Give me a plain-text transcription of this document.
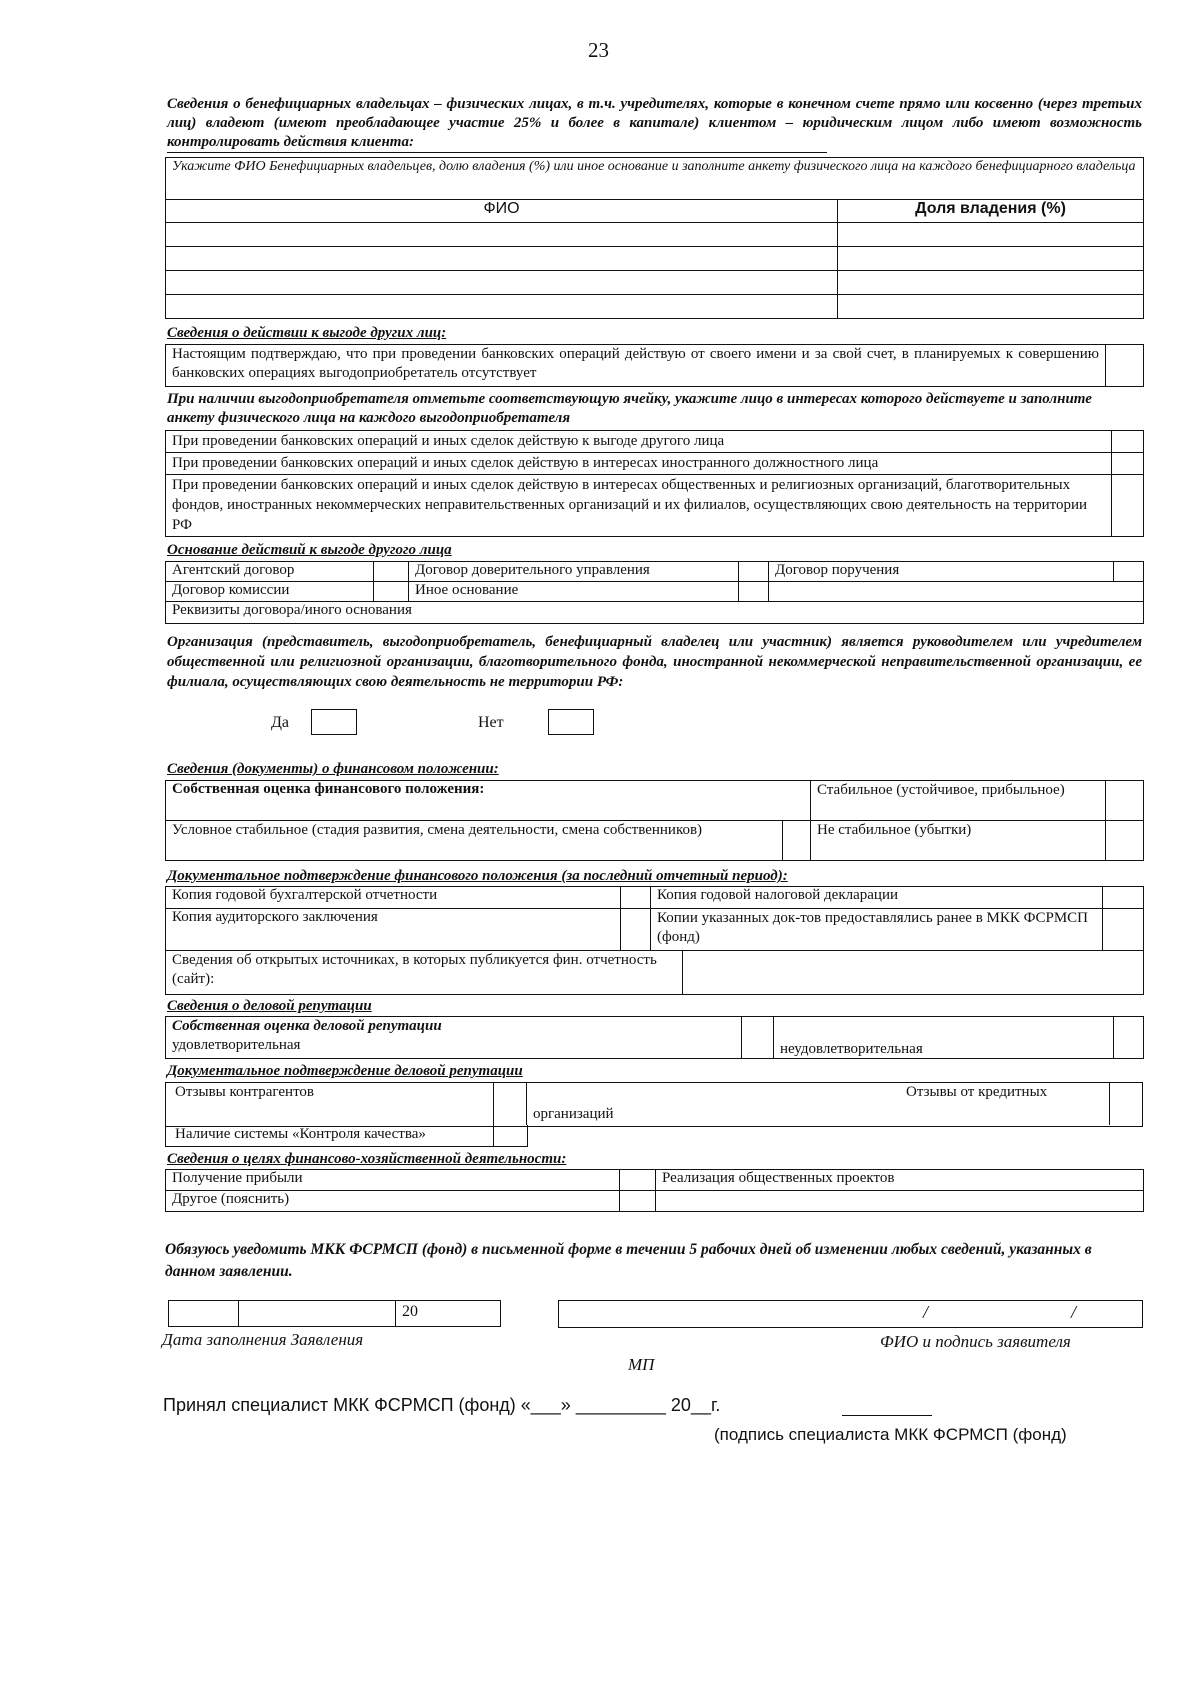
23
Сведения о бенефициарных владельцах – физических лицах, в т.ч. учредителях, которые в конечном счете прямо или косвенно (через третьих лиц) владеют (имеют преобладающее участие 25% и более в капитале) клиентом – юридическим лицом либо имеют возможность контролировать действия клиента:
Укажите ФИО Бенефициарных владельцев, долю владения (%) или иное основание и заполните анкету физического лица на каждого бенефициарного владельца	
ФИО	Доля владения (%)

Сведения о действии к выгоде других лиц:
Настоящим подтверждаю, что при проведении банковских операций действую от своего имени и за свой счет, в планируемых к совершению банковских операциях выгодоприобретатель отсутствует	
При наличии выгодоприобретателя отметьте соответствующую ячейку, укажите лицо в интересах которого действуете и заполните анкету физического лица на каждого выгодоприобретателя
При проведении банковских операций и иных сделок действую к выгоде другого лица	
При проведении банковских операций и иных сделок действую в интересах иностранного должностного лица	
При проведении банковских операций и иных сделок действую в интересах общественных и религиозных организаций, благотворительных фондов, иностранных некоммерческих неправительственных организаций и их филиалов, осуществляющих свою деятельность на территории РФ	
Основание действий к выгоде другого лица
Агентский договор		Договор доверительного управления		Договор поручения	
Договор комиссии		Иное основание			
Реквизиты договора/иного основания					
Организация (представитель, выгодоприобретатель, бенефициарный владелец или участник) является руководителем или учредителем общественной или религиозной организации, благотворительного фонда, иностранной некоммерческой неправительственной организации, ее филиала, осуществляющих свою деятельность не территории РФ:
Да	Нет
Сведения (документы) о финансовом положении:
Собственная оценка финансового положения:		Стабильное (устойчивое, прибыльное)	
Условное стабильное (стадия развития, смена деятельности, смена собственников)		Не стабильное (убытки)	
Документальное подтверждение финансового положения (за последний отчетный период):
Копия годовой бухгалтерской отчетности		Копия годовой налоговой декларации		
Копия аудиторского заключения		Копии указанных док-тов предоставлялись ранее в МКК ФСРМСП (фонд)		
Сведения об открытых источниках, в которых публикуется фин. отчетность (сайт):				
Сведения о деловой репутации
Собственная оценка деловой репутации
удовлетворительная		неудовлетворительная	
Документальное подтверждение деловой репутации
Отзывы контрагентов	Отзывы от кредитных
организаций
Наличие системы «Контроля качества»
Сведения о целях финансово-хозяйственной деятельности:
Получение прибыли		Реализация общественных проектов
Другое (пояснить)		
Обязуюсь уведомить МКК ФСРМСП (фонд) в письменной форме в течении 5 рабочих дней об изменении любых сведений, указанных в данном заявлении.
		20	/	/
Дата заполнения Заявления	ФИО и подпись заявителя
МП
Принял специалист МКК ФСРМСП (фонд) «___» _________ 20__г.
(подпись специалиста МКК ФСРМСП (фонд)
